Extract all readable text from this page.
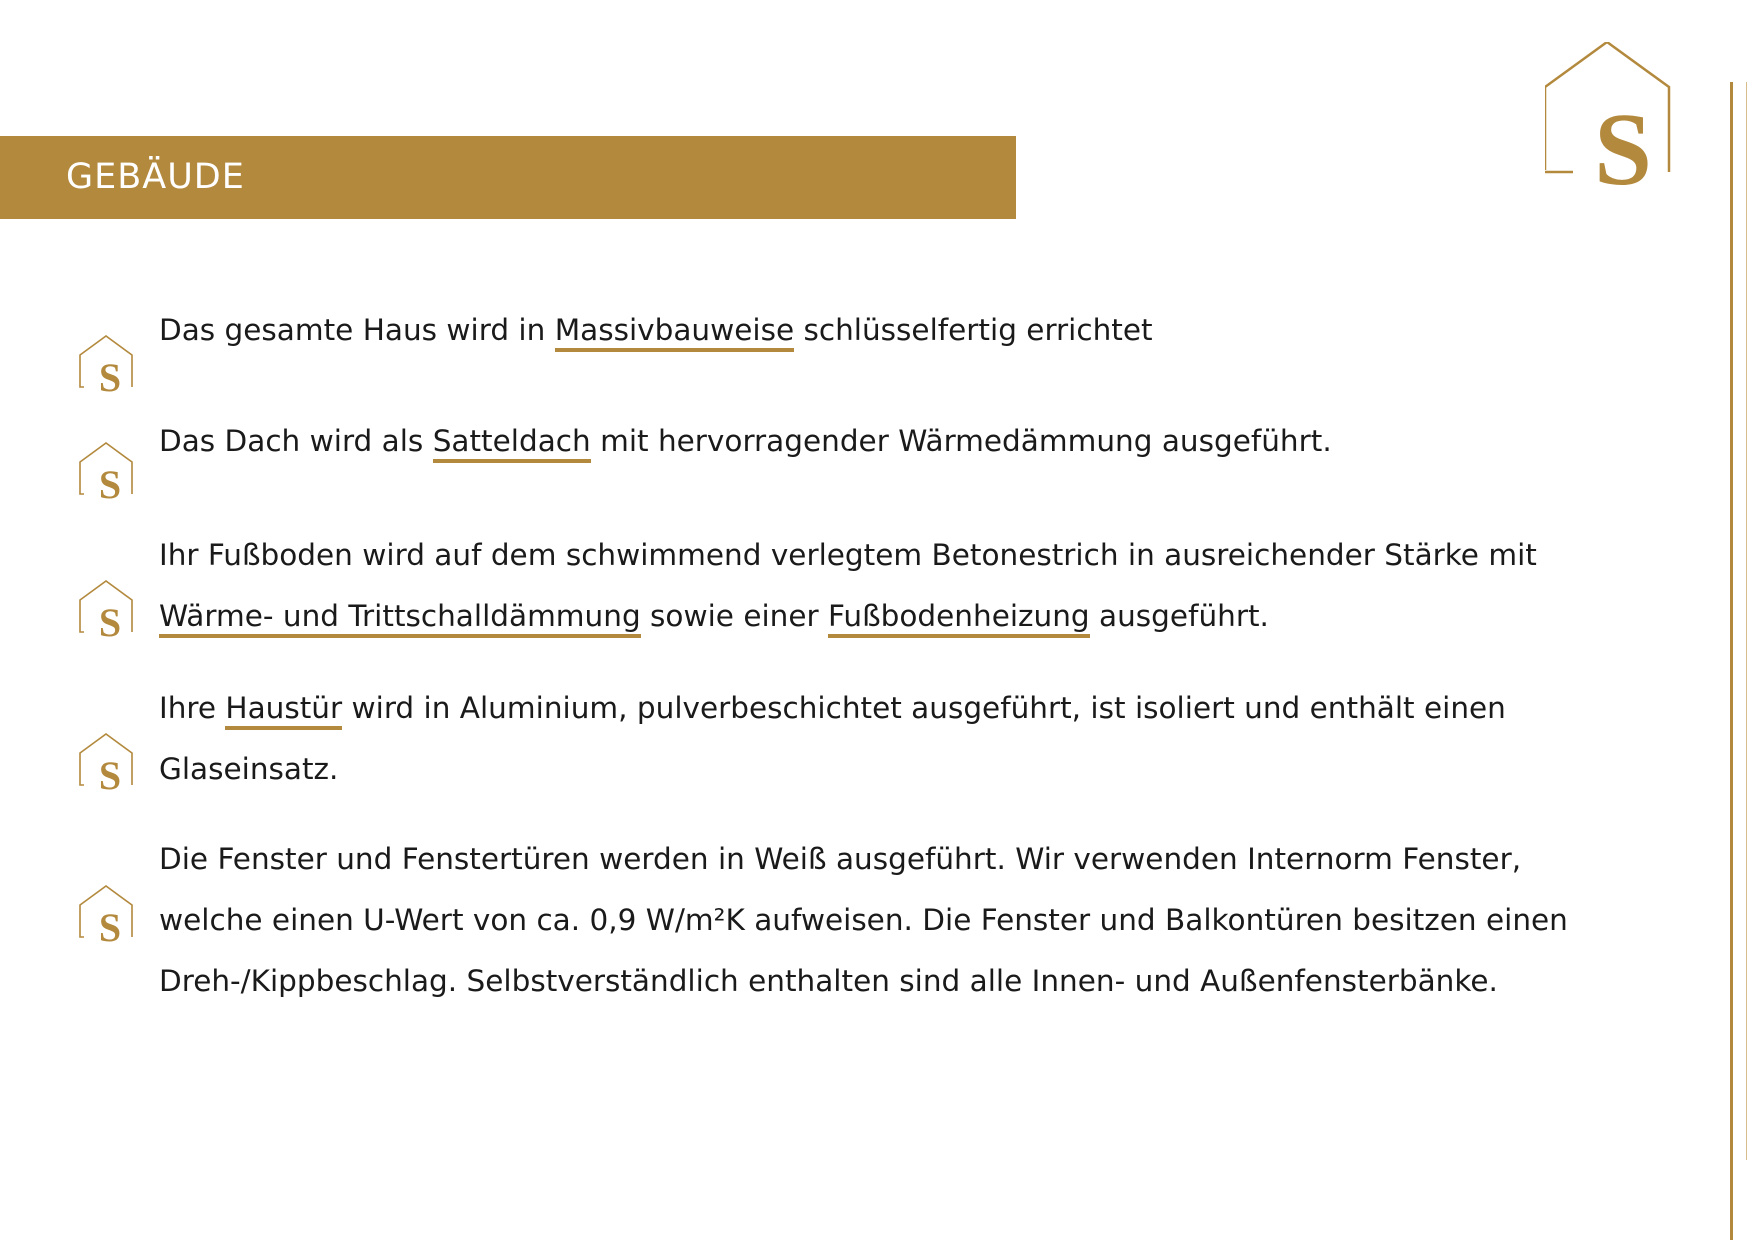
GEBÄUDE	S
S
Das gesamte Haus wird in Massivbauweise schlüsselfertig errichtet
S
Das Dach wird als Satteldach mit hervorragender Wärmedämmung ausgeführt.
S
Ihr Fußboden wird auf dem schwimmend verlegtem Betonestrich in ausreichender Stärke mit Wärme- und Trittschalldämmung sowie einer Fußbodenheizung ausgeführt.
S
Ihre Haustür wird in Aluminium, pulverbeschichtet ausgeführt, ist isoliert und enthält einen Glaseinsatz.
S
Die Fenster und Fenstertüren werden in Weiß ausgeführt. Wir verwenden Internorm Fenster, welche einen U-Wert von ca. 0,9 W/m²K aufweisen. Die Fenster und Balkontüren besitzen einen Dreh-/Kippbeschlag. Selbstverständlich enthalten sind alle Innen- und Außenfensterbänke.
